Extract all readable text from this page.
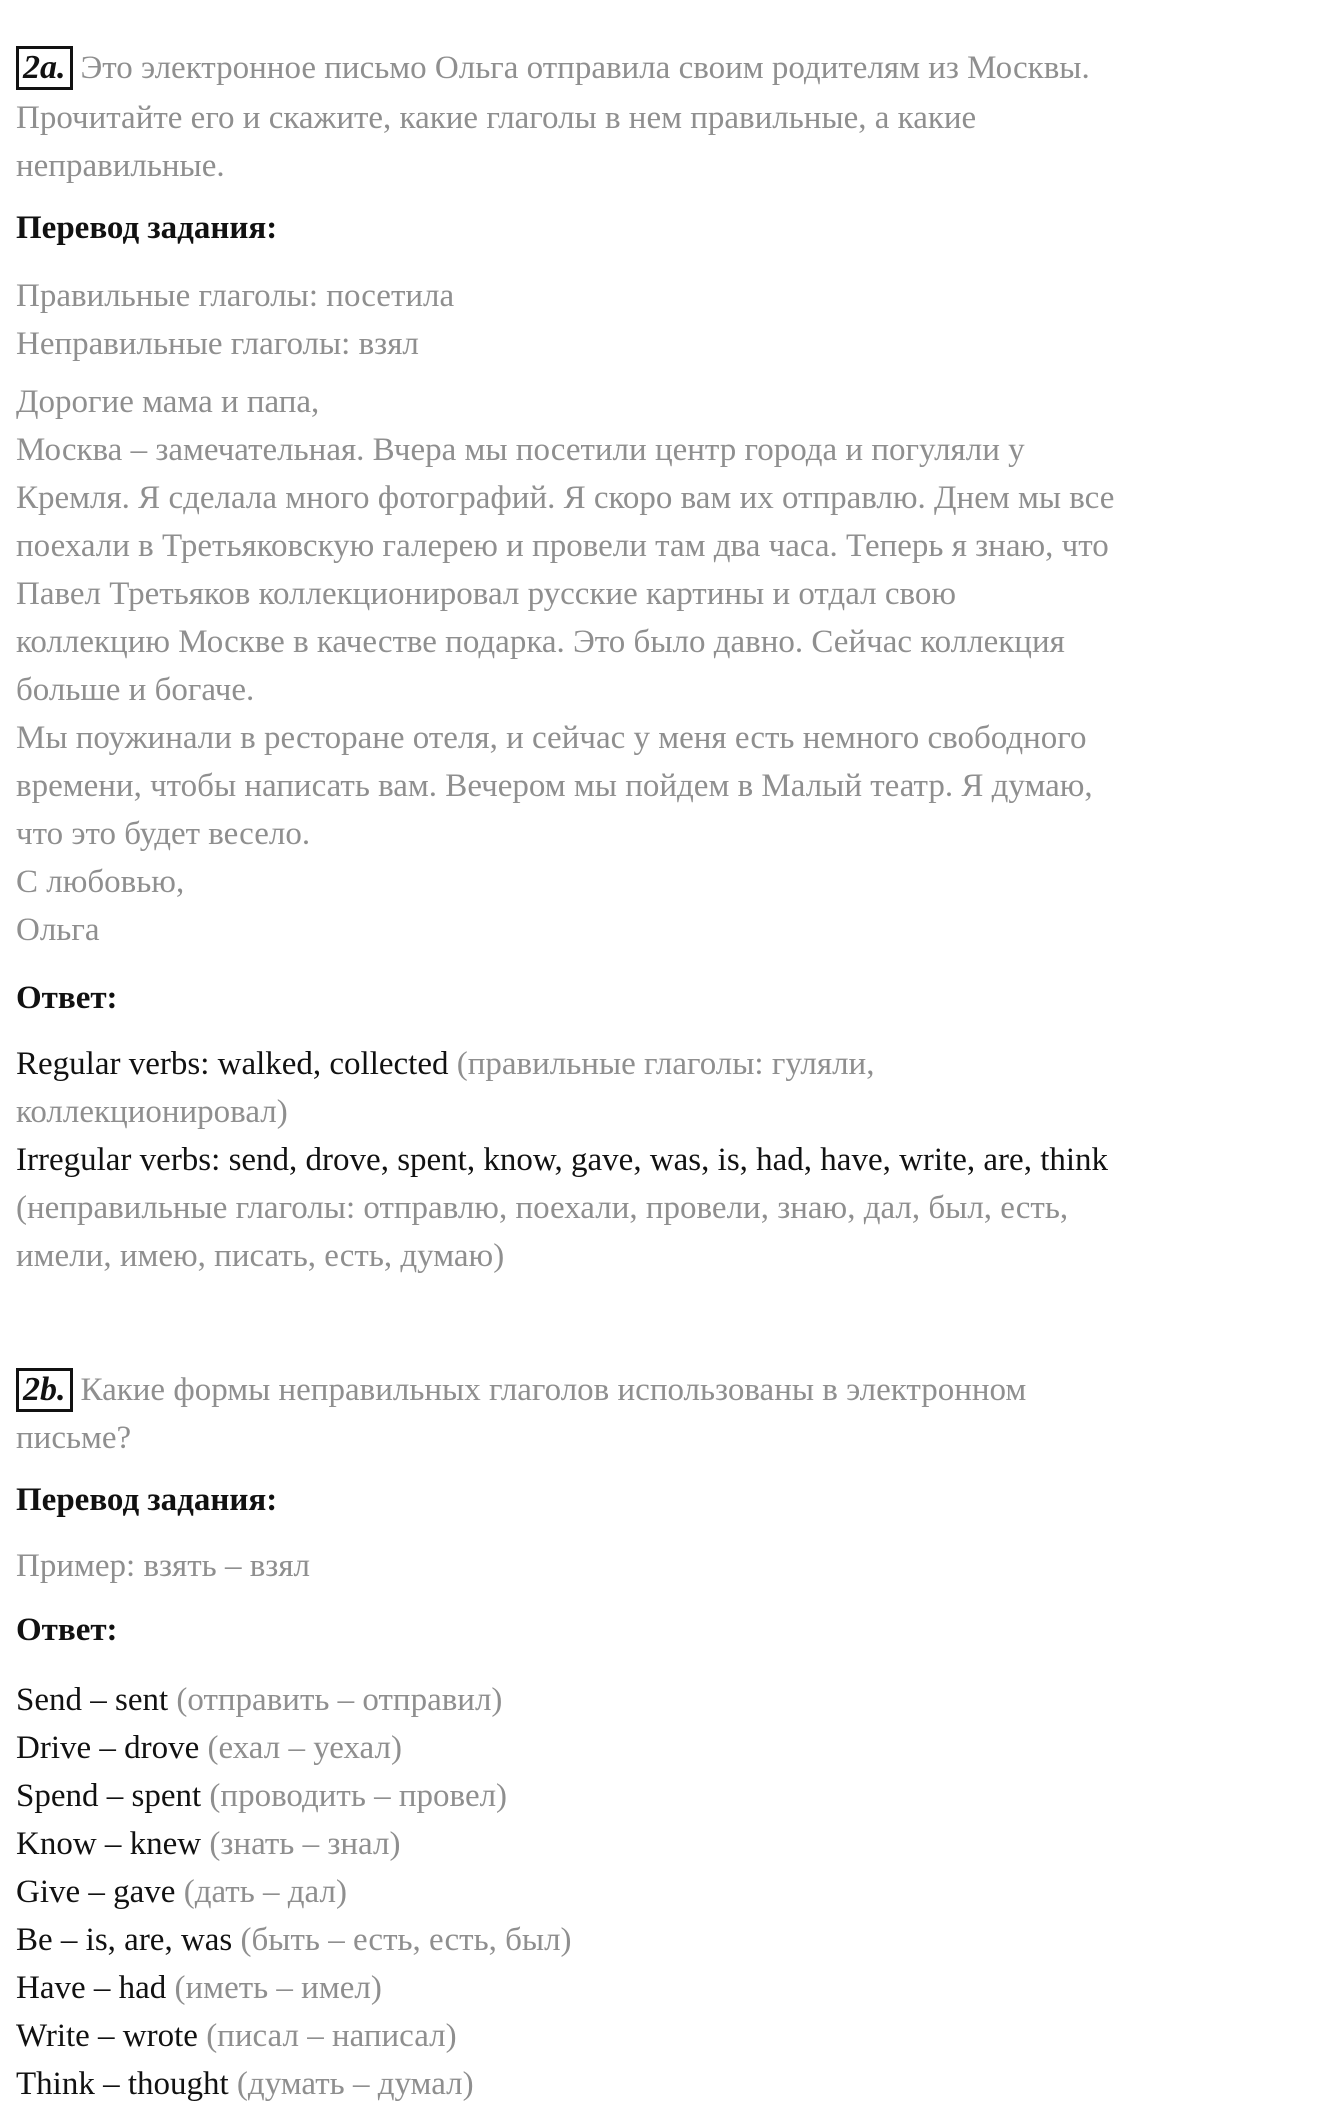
2a. Это электронное письмо Ольга отправила своим родителям из Москвы.
Прочитайте его и скажите, какие глаголы в нем правильные, а какие
неправильные.
Перевод задания:
Правильные глаголы: посетила
Неправильные глаголы: взял
Дорогие мама и папа,
Москва – замечательная. Вчера мы посетили центр города и погуляли у
Кремля. Я сделала много фотографий. Я скоро вам их отправлю. Днем мы все
поехали в Третьяковскую галерею и провели там два часа. Теперь я знаю, что
Павел Третьяков коллекционировал русские картины и отдал свою
коллекцию Москве в качестве подарка. Это было давно. Сейчас коллекция
больше и богаче.
Мы поужинали в ресторане отеля, и сейчас у меня есть немного свободного
времени, чтобы написать вам. Вечером мы пойдем в Малый театр. Я думаю,
что это будет весело.
С любовью,
Ольга
Ответ:
Regular verbs: walked, collected (правильные глаголы: гуляли,
коллекционировал)
Irregular verbs: send, drove, spent, know, gave, was, is, had, have, write, are, think
(неправильные глаголы: отправлю, поехали, провели, знаю, дал, был, есть,
имели, имею, писать, есть, думаю)
2b. Какие формы неправильных глаголов использованы в электронном
письме?
Перевод задания:
Пример: взять – взял
Ответ:
Send – sent (отправить – отправил)
Drive – drove (ехал – уехал)
Spend – spent (проводить – провел)
Know – knew (знать – знал)
Give – gave (дать – дал)
Be – is, are, was (быть – есть, есть, был)
Have – had (иметь – имел)
Write – wrote (писал – написал)
Think – thought (думать – думал)
